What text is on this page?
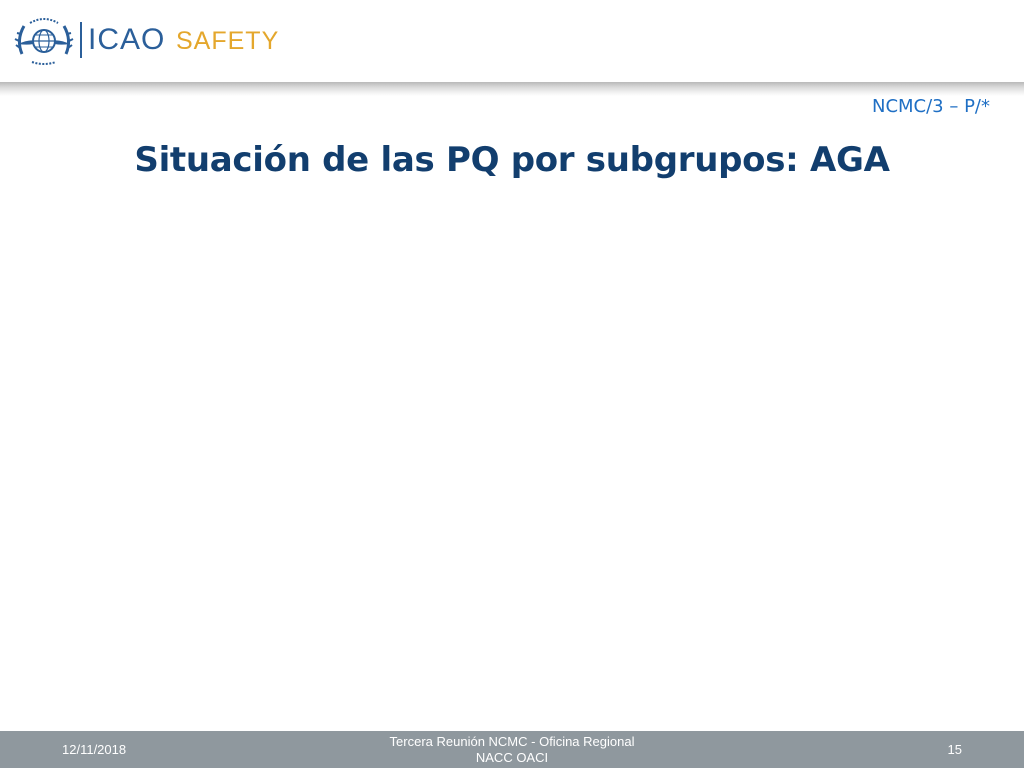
ICAO SAFETY
NCMC/3 – P/*
Situación de las PQ por subgrupos: AGA
12/11/2018
Tercera Reunión NCMC - Oficina Regional
NACC OACI
15
